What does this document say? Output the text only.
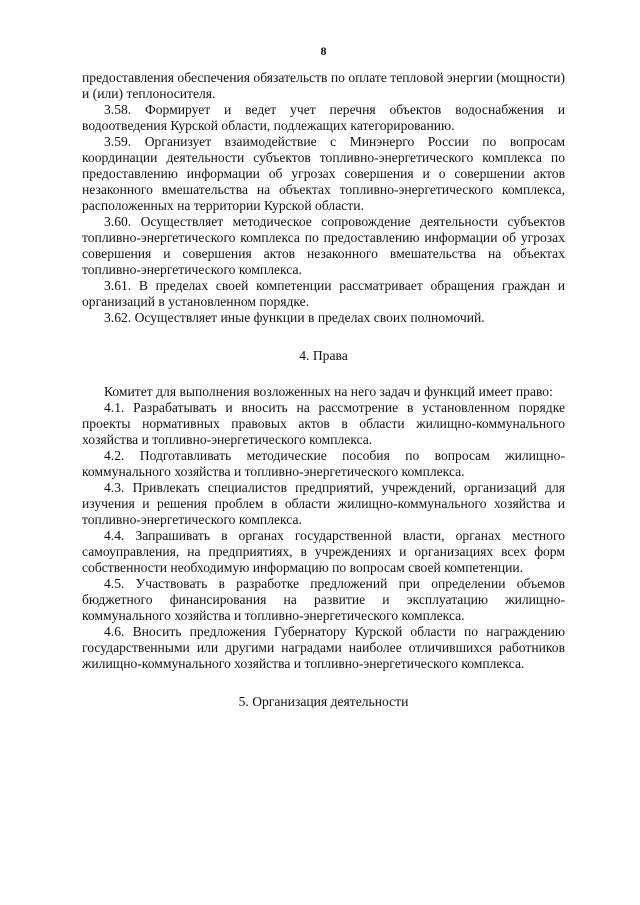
8

предоставления обеспечения обязательств по оплате тепловой энергии (мощности) и (или) теплоносителя.

3.58. Формирует и ведет учет перечня объектов водоснабжения и водоотведения Курской области, подлежащих категорированию.

3.59. Организует взаимодействие с Минэнерго России по вопросам координации деятельности субъектов топливно-энергетического комплекса по предоставлению информации об угрозах совершения и о совершении актов незаконного вмешательства на объектах топливно-энергетического комплекса, расположенных на территории Курской области.

3.60. Осуществляет методическое сопровождение деятельности субъектов топливно-энергетического комплекса по предоставлению информации об угрозах совершения и совершения актов незаконного вмешательства на объектах топливно-энергетического комплекса.

3.61. В пределах своей компетенции рассматривает обращения граждан и организаций в установленном порядке.

3.62. Осуществляет иные функции в пределах своих полномочий.

4. Права

Комитет для выполнения возложенных на него задач и функций имеет право:

4.1. Разрабатывать и вносить на рассмотрение в установленном порядке проекты нормативных правовых актов в области жилищно-коммунального хозяйства и топливно-энергетического комплекса.

4.2. Подготавливать методические пособия по вопросам жилищно-коммунального хозяйства и топливно-энергетического комплекса.

4.3. Привлекать специалистов предприятий, учреждений, организаций для изучения и решения проблем в области жилищно-коммунального хозяйства и топливно-энергетического комплекса.

4.4. Запрашивать в органах государственной власти, органах местного самоуправления, на предприятиях, в учреждениях и организациях всех форм собственности необходимую информацию по вопросам своей компетенции.

4.5. Участвовать в разработке предложений при определении объемов бюджетного финансирования на развитие и эксплуатацию жилищно-коммунального хозяйства и топливно-энергетического комплекса.

4.6. Вносить предложения Губернатору Курской области по награждению государственными или другими наградами наиболее отличившихся работников жилищно-коммунального хозяйства и топливно-энергетического комплекса.

5. Организация деятельности
